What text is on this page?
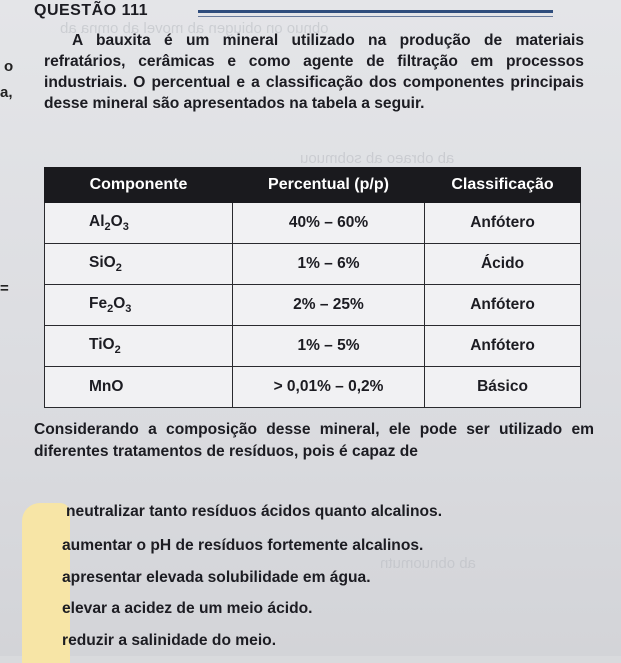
obnuo on obiugen ab movel ab omna ab
ab obraeo ab sobmuou
ab obnuomutn
QUESTÃO 111
o
a,
=
A bauxita é um mineral utilizado na produção de materiais refratários, cerâmicas e como agente de filtração em processos industriais. O percentual e a classificação dos componentes principais desse mineral são apresentados na tabela a seguir.
Componente	Percentual (p/p)	Classificação
$Al_2O_3$	40% – 60%	Anfótero
SiO$_2$	1% – 6%	Ácido
$Fe_2O_3$	2% – 25%	Anfótero
TiO$_2$	1% – 5%	Anfótero
MnO	> 0,01% – 0,2%	Básico
Considerando a composição desse mineral, ele pode ser utilizado em diferentes tratamentos de resíduos, pois é capaz de
neutralizar tanto resíduos ácidos quanto alcalinos.
aumentar o pH de resíduos fortemente alcalinos.
apresentar elevada solubilidade em água.
elevar a acidez de um meio ácido.
reduzir a salinidade do meio.
